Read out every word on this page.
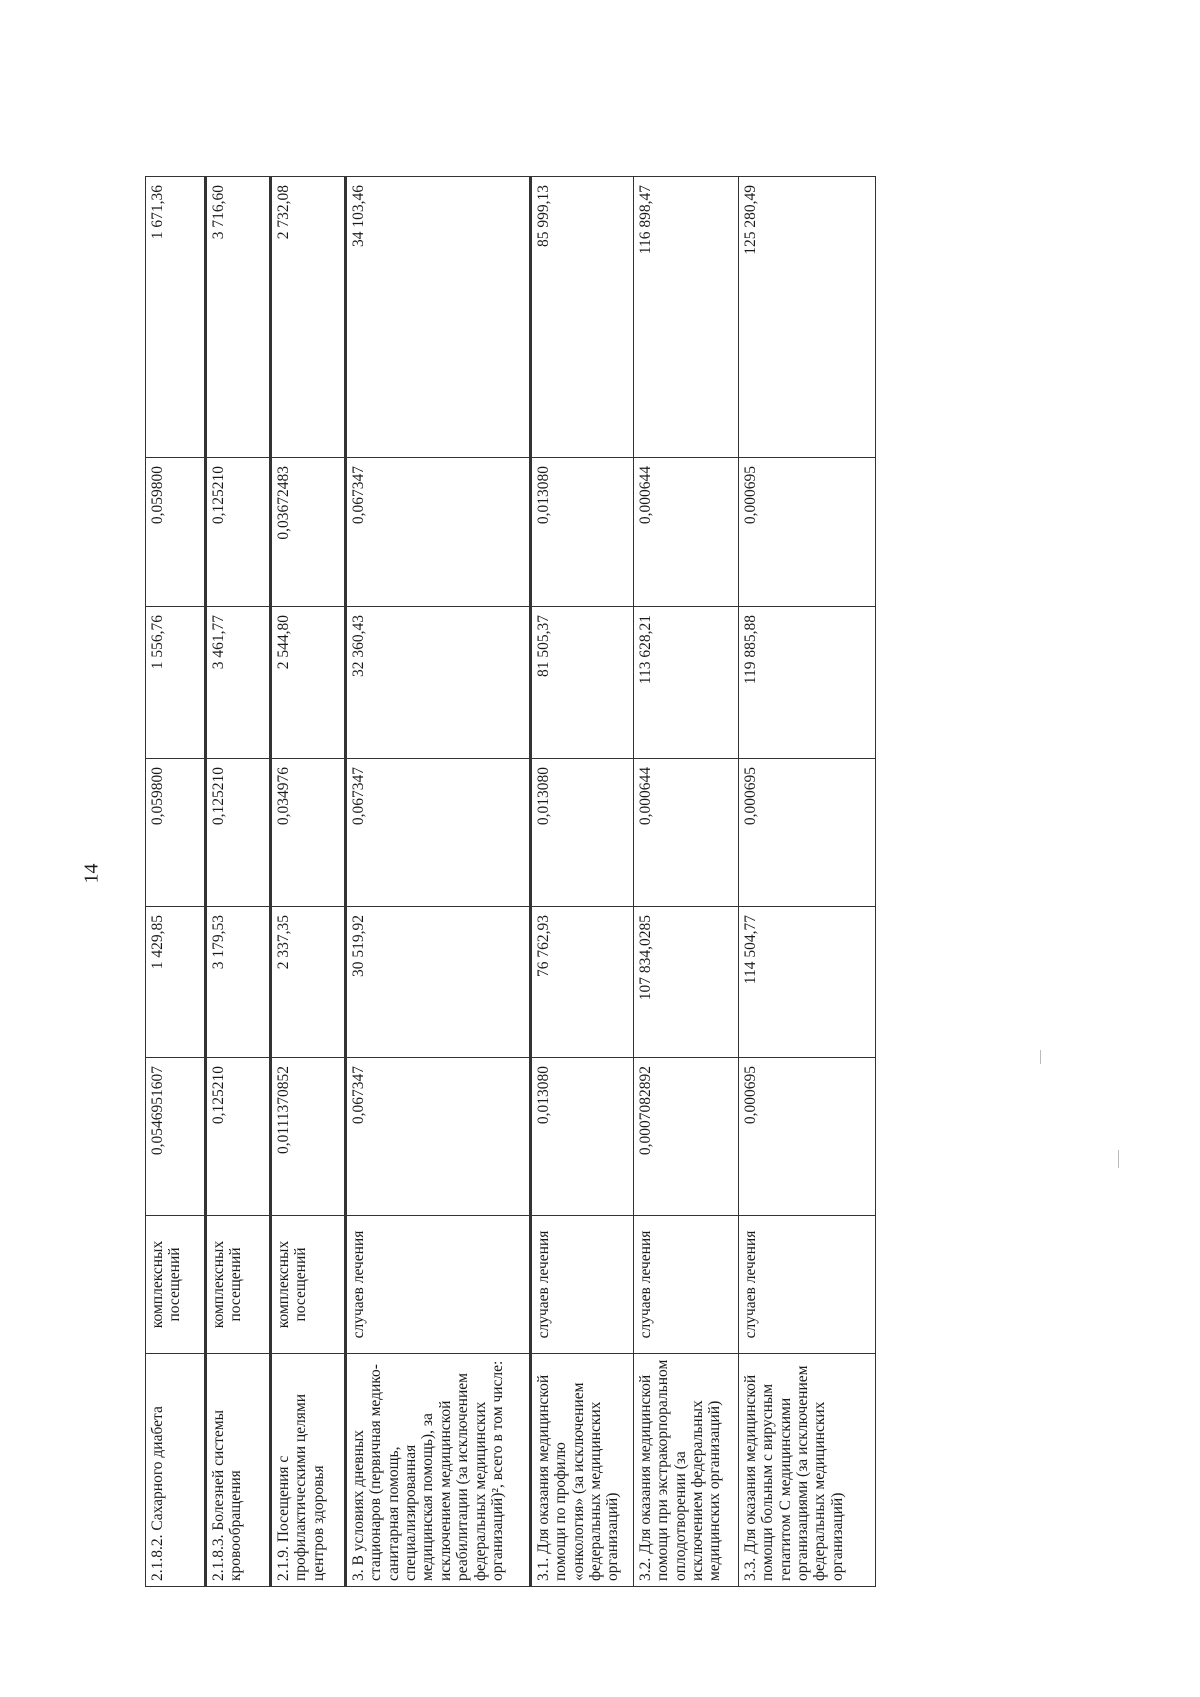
14
2.1.8.2. Сахарного диабета	комплексных посещений	0,0546951607	1 429,85	0,059800	1 556,76	0,059800	1 671,36
2.1.8.3. Болезней системы кровообращения	комплексных посещений	0,125210	3 179,53	0,125210	3 461,77	0,125210	3 716,60
2.1.9. Посещения с профилактическими целями центров здоровья	комплексных посещений	0,0111370852	2 337,35	0,034976	2 544,80	0,03672483	2 732,08
3. В условиях дневных стационаров (первичная медико-санитарная помощь, специализированная медицинская помощь), за исключением медицинской реабилитации (за исключением федеральных медицинских организаций)², всего в том числе:	случаев лечения	0,067347	30 519,92	0,067347	32 360,43	0,067347	34 103,46
3.1. Для оказания медицинской помощи по профилю «онкология» (за исключением федеральных медицинских организаций)	случаев лечения	0,013080	76 762,93	0,013080	81 505,37	0,013080	85 999,13
3.2. Для оказания медицинской помощи при экстракорпоральном оплодотворении (за исключением федеральных медицинских организаций)	случаев лечения	0,0007082892	107 834,0285	0,000644	113 628,21	0,000644	116 898,47
3.3. Для оказания медицинской помощи больным с вирусным гепатитом С медицинскими организациями (за исключением федеральных медицинских организаций)	случаев лечения	0,000695	114 504,77	0,000695	119 885,88	0,000695	125 280,49
